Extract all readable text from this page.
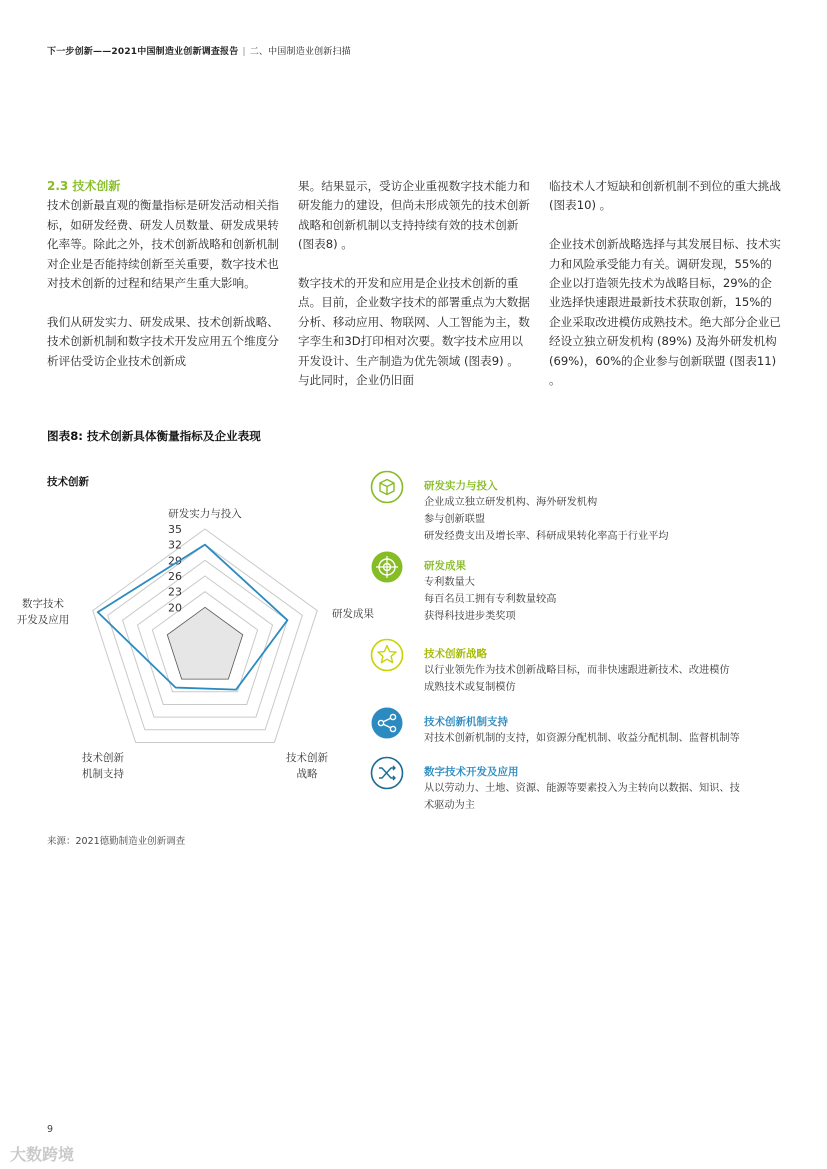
下一步创新——2021中国制造业创新调查报告 | 二、中国制造业创新扫描
2.3 技术创新

技术创新最直观的衡量指标是研发活动相关指标，如研发经费、研发人员数量、研发成果转化率等。除此之外，技术创新战略和创新机制对企业是否能持续创新至关重要，数字技术也对技术创新的过程和结果产生重大影响。

我们从研发实力、研发成果、技术创新战略、技术创新机制和数字技术开发应用五个维度分析评估受访企业技术创新成

果。结果显示，受访企业重视数字技术能力和研发能力的建设，但尚未形成领先的技术创新战略和创新机制以支持持续有效的技术创新 (图表8) 。

数字技术的开发和应用是企业技术创新的重点。目前，企业数字技术的部署重点为大数据分析、移动应用、物联网、人工智能为主，数字孪生和3D打印相对次要。数字技术应用以开发设计、生产制造为优先领域 (图表9) 。与此同时，企业仍旧面

临技术人才短缺和创新机制不到位的重大挑战 (图表10) 。

企业技术创新战略选择与其发展目标、技术实力和风险承受能力有关。调研发现，55%的企业以打造领先技术为战略目标，29%的企业选择快速跟进最新技术获取创新，15%的企业采取改进模仿成熟技术。绝大部分企业已经设立独立研发机构 (89%) 及海外研发机构 (69%)，60%的企业参与创新联盟 (图表11) 。

图表8: 技术创新具体衡量指标及企业表现
技术创新
20
23
26
29
32
35
研发实力与投入
研发成果
技术创新战略
技术创新机制支持
数字技术开发及应用
研发实力与投入
企业成立独立研发机构、海外研发机构
参与创新联盟
研发经费支出及增长率、科研成果转化率高于行业平均
研发成果
专利数量大
每百名员工拥有专利数量较高
获得科技进步类奖项
技术创新战略
以行业领先作为技术创新战略目标，而非快速跟进新技术、改进模仿
成熟技术或复制模仿
技术创新机制支持
对技术创新机制的支持，如资源分配机制、收益分配机制、监督机制等
数字技术开发及应用
从以劳动力、土地、资源、能源等要素投入为主转向以数据、知识、技
术驱动为主
来源：2021德勤制造业创新调查
9
大数跨境
